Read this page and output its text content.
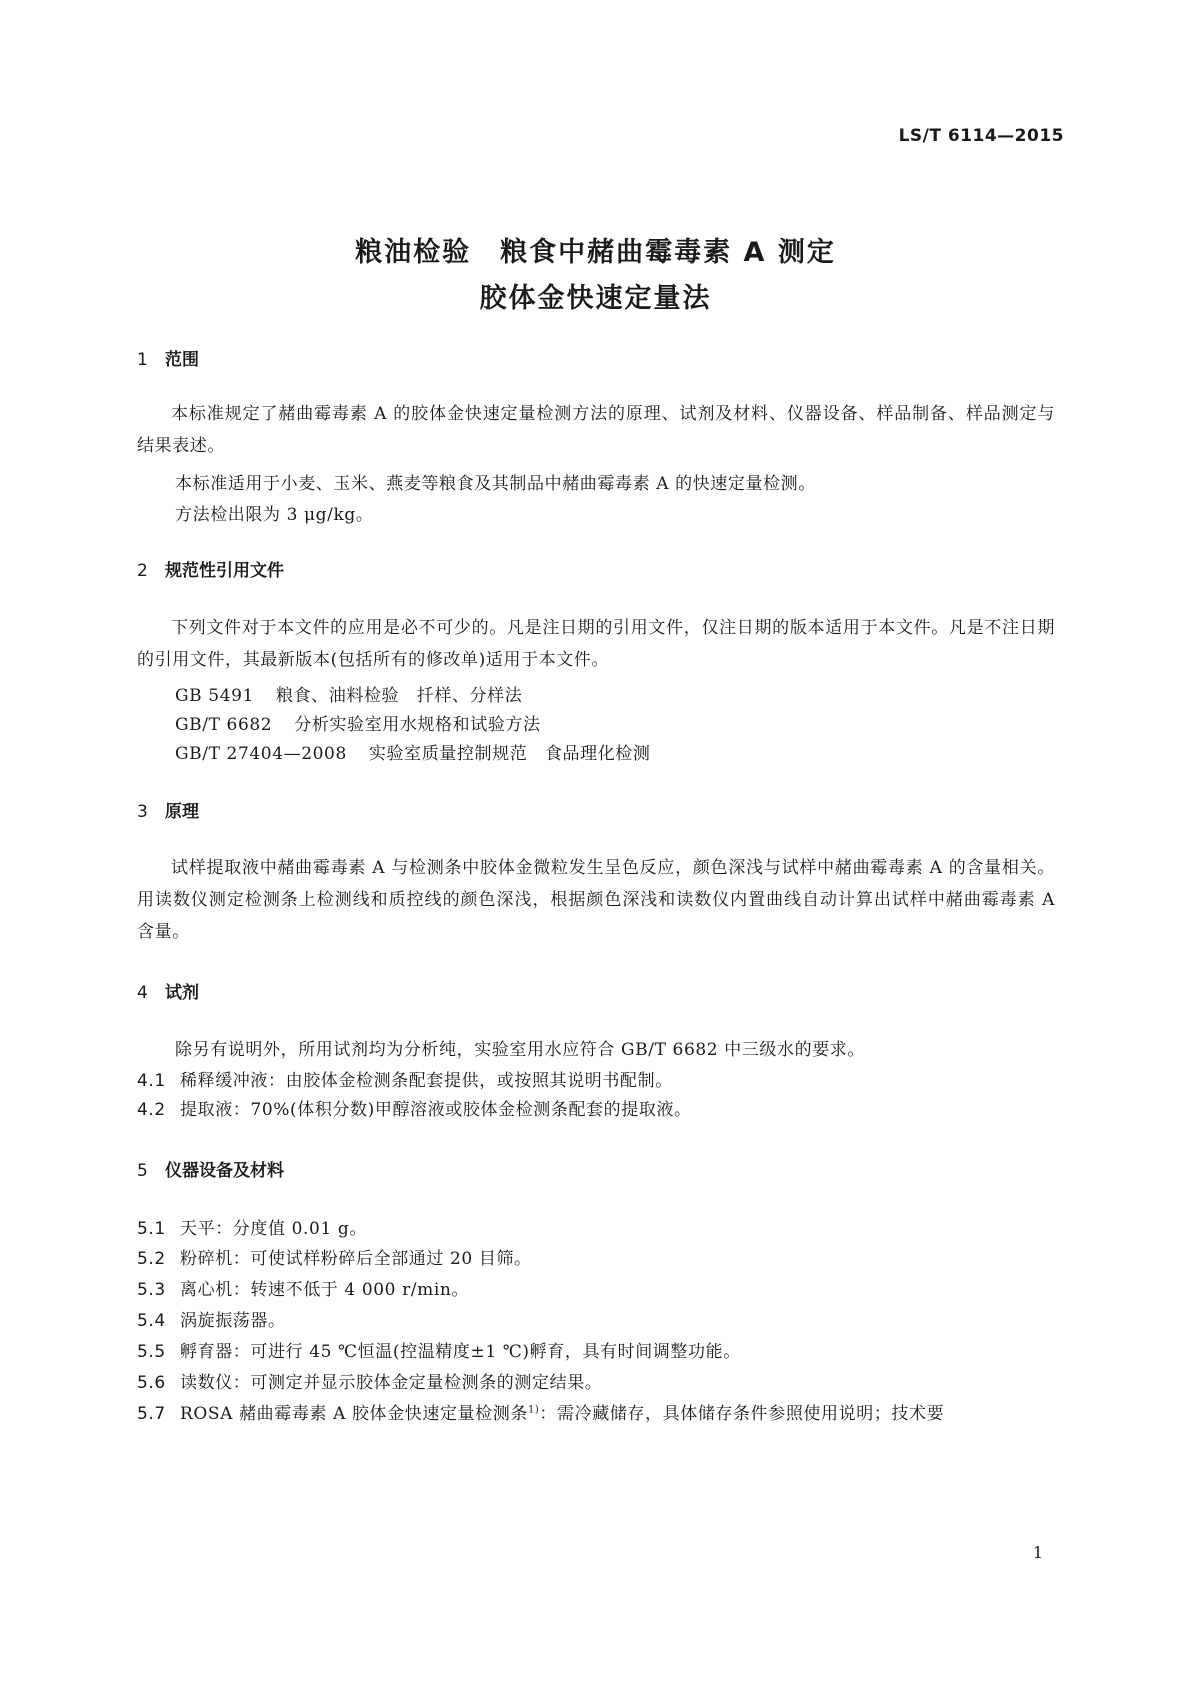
LS/T 6114—2015
粮油检验　粮食中赭曲霉毒素 A 测定
胶体金快速定量法
1 范围
本标准规定了赭曲霉毒素 A 的胶体金快速定量检测方法的原理、试剂及材料、仪器设备、样品制备、样品测定与结果表述。
本标准适用于小麦、玉米、燕麦等粮食及其制品中赭曲霉毒素 A 的快速定量检测。
方法检出限为 3 μg/kg。
2 规范性引用文件
下列文件对于本文件的应用是必不可少的。凡是注日期的引用文件，仅注日期的版本适用于本文件。凡是不注日期的引用文件，其最新版本(包括所有的修改单)适用于本文件。
GB 5491 粮食、油料检验　扦样、分样法
GB/T 6682 分析实验室用水规格和试验方法
GB/T 27404—2008 实验室质量控制规范　食品理化检测
3 原理
试样提取液中赭曲霉毒素 A 与检测条中胶体金微粒发生呈色反应，颜色深浅与试样中赭曲霉毒素 A 的含量相关。用读数仪测定检测条上检测线和质控线的颜色深浅，根据颜色深浅和读数仪内置曲线自动计算出试样中赭曲霉毒素 A 含量。
4 试剂
除另有说明外，所用试剂均为分析纯，实验室用水应符合 GB/T 6682 中三级水的要求。
4.1 稀释缓冲液：由胶体金检测条配套提供，或按照其说明书配制。
4.2 提取液：70%(体积分数)甲醇溶液或胶体金检测条配套的提取液。
5 仪器设备及材料
5.1 天平：分度值 0.01 g。
5.2 粉碎机：可使试样粉碎后全部通过 20 目筛。
5.3 离心机：转速不低于 4 000 r/min。
5.4 涡旋振荡器。
5.5 孵育器：可进行 45 ℃恒温(控温精度±1 ℃)孵育，具有时间调整功能。
5.6 读数仪：可测定并显示胶体金定量检测条的测定结果。
5.7 ROSA 赭曲霉毒素 A 胶体金快速定量检测条$^{1)}$：需冷藏储存，具体储存条件参照使用说明；技术要
1
